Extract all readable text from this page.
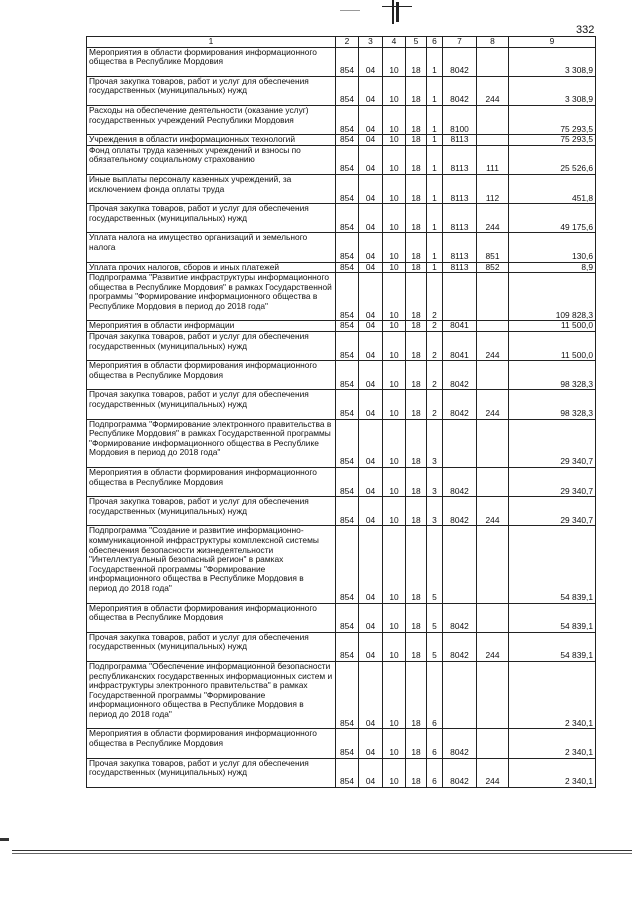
332
1	2	3	4	5	6	7	8	9
Мероприятия в области формирования информационного общества в Республике Мордовия	854	04	10	18	1	8042		3 308,9
Прочая закупка товаров, работ и услуг для обеспечения государственных (муниципальных) нужд	854	04	10	18	1	8042	244	3 308,9
Расходы на обеспечение деятельности (оказание услуг) государственных учреждений Республики Мордовия	854	04	10	18	1	8100		75 293,5
Учреждения в области информационных технологий	854	04	10	18	1	8113		75 293,5
Фонд оплаты труда казенных учреждений и взносы по обязательному социальному страхованию	854	04	10	18	1	8113	111	25 526,6
Иные выплаты персоналу казенных учреждений, за исключением фонда оплаты труда	854	04	10	18	1	8113	112	451,8
Прочая закупка товаров, работ и услуг для обеспечения государственных (муниципальных) нужд	854	04	10	18	1	8113	244	49 175,6
Уплата налога на имущество организаций и земельного налога	854	04	10	18	1	8113	851	130,6
Уплата прочих налогов, сборов и иных платежей	854	04	10	18	1	8113	852	8,9
Подпрограмма "Развитие инфраструктуры информационного общества в Республике Мордовия" в рамках Государственной программы "Формирование информационного общества в Республике Мордовия в период до 2018 года"	854	04	10	18	2			109 828,3
Мероприятия в области информации	854	04	10	18	2	8041		11 500,0
Прочая закупка товаров, работ и услуг для обеспечения государственных (муниципальных) нужд	854	04	10	18	2	8041	244	11 500,0
Мероприятия в области формирования информационного общества в Республике Мордовия	854	04	10	18	2	8042		98 328,3
Прочая закупка товаров, работ и услуг для обеспечения государственных (муниципальных) нужд	854	04	10	18	2	8042	244	98 328,3
Подпрограмма "Формирование электронного правительства в Республике Мордовия" в рамках Государственной программы "Формирование информационного общества в Республике Мордовия в период до 2018 года"	854	04	10	18	3			29 340,7
Мероприятия в области формирования информационного общества в Республике Мордовия	854	04	10	18	3	8042		29 340,7
Прочая закупка товаров, работ и услуг для обеспечения государственных (муниципальных) нужд	854	04	10	18	3	8042	244	29 340,7
Подпрограмма "Создание и развитие информационно-коммуникационной инфраструктуры комплексной системы обеспечения безопасности жизнедеятельности "Интеллектуальный безопасный регион" в рамках Государственной программы "Формирование информационного общества в Республике Мордовия в период до 2018 года"	854	04	10	18	5			54 839,1
Мероприятия в области формирования информационного общества в Республике Мордовия	854	04	10	18	5	8042		54 839,1
Прочая закупка товаров, работ и услуг для обеспечения государственных (муниципальных) нужд	854	04	10	18	5	8042	244	54 839,1
Подпрограмма "Обеспечение информационной безопасности республиканских государственных информационных систем и инфраструктуры электронного правительства" в рамках Государственной программы "Формирование информационного общества в Республике Мордовия в период до 2018 года"	854	04	10	18	6			2 340,1
Мероприятия в области формирования информационного общества в Республике Мордовия	854	04	10	18	6	8042		2 340,1
Прочая закупка товаров, работ и услуг для обеспечения государственных (муниципальных) нужд	854	04	10	18	6	8042	244	2 340,1
